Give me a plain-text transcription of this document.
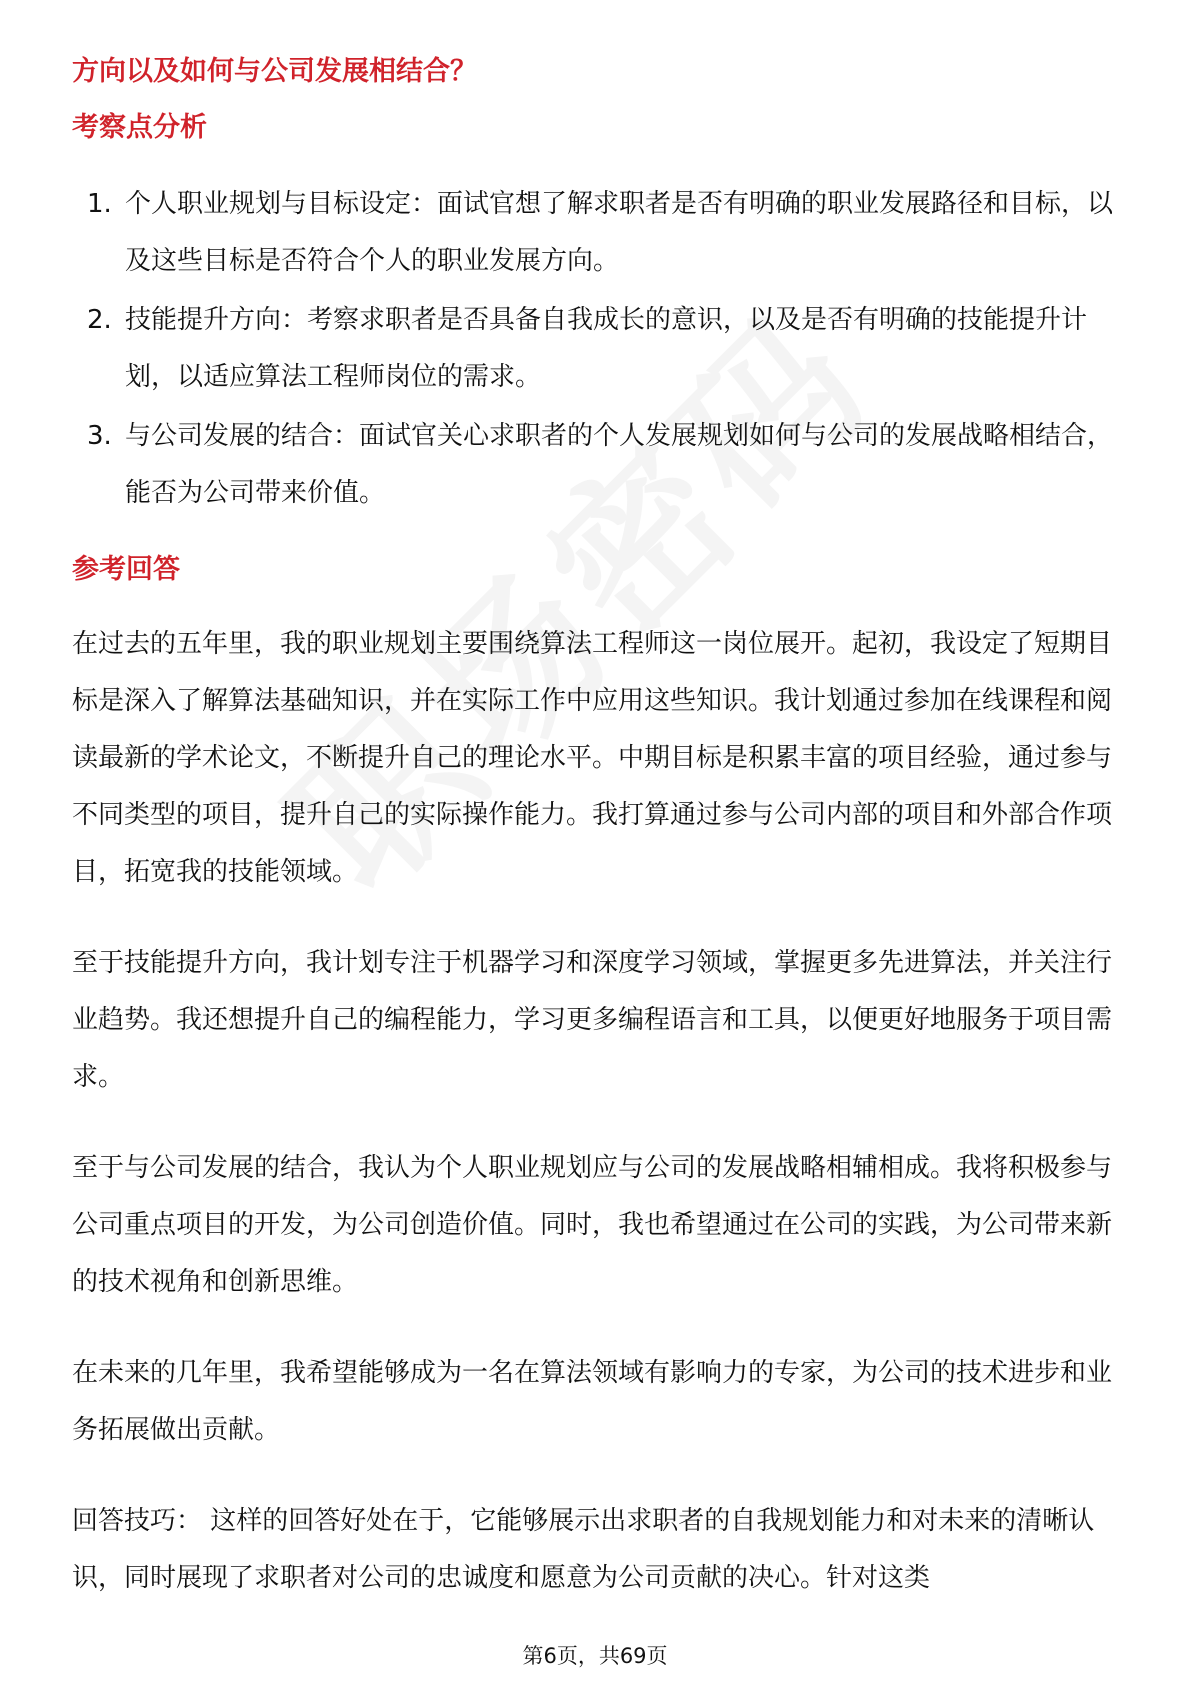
方向以及如何与公司发展相结合？
考察点分析
1. 个人职业规划与目标设定：面试官想了解求职者是否有明确的职业发展路径和目标，以及这些目标是否符合个人的职业发展方向。
2. 技能提升方向：考察求职者是否具备自我成长的意识，以及是否有明确的技能提升计划，以适应算法工程师岗位的需求。
3. 与公司发展的结合：面试官关心求职者的个人发展规划如何与公司的发展战略相结合，能否为公司带来价值。
参考回答

在过去的五年里，我的职业规划主要围绕算法工程师这一岗位展开。起初，我设定了短期目标是深入了解算法基础知识，并在实际工作中应用这些知识。我计划通过参加在线课程和阅读最新的学术论文，不断提升自己的理论水平。中期目标是积累丰富的项目经验，通过参与不同类型的项目，提升自己的实际操作能力。我打算通过参与公司内部的项目和外部合作项目，拓宽我的技能领域。

至于技能提升方向，我计划专注于机器学习和深度学习领域，掌握更多先进算法，并关注行业趋势。我还想提升自己的编程能力，学习更多编程语言和工具，以便更好地服务于项目需求。

至于与公司发展的结合，我认为个人职业规划应与公司的发展战略相辅相成。我将积极参与公司重点项目的开发，为公司创造价值。同时，我也希望通过在公司的实践，为公司带来新的技术视角和创新思维。

在未来的几年里，我希望能够成为一名在算法领域有影响力的专家，为公司的技术进步和业务拓展做出贡献。

回答技巧： 这样的回答好处在于，它能够展示出求职者的自我规划能力和对未来的清晰认识，同时展现了求职者对公司的忠诚度和愿意为公司贡献的决心。针对这类

第6页，共69页
